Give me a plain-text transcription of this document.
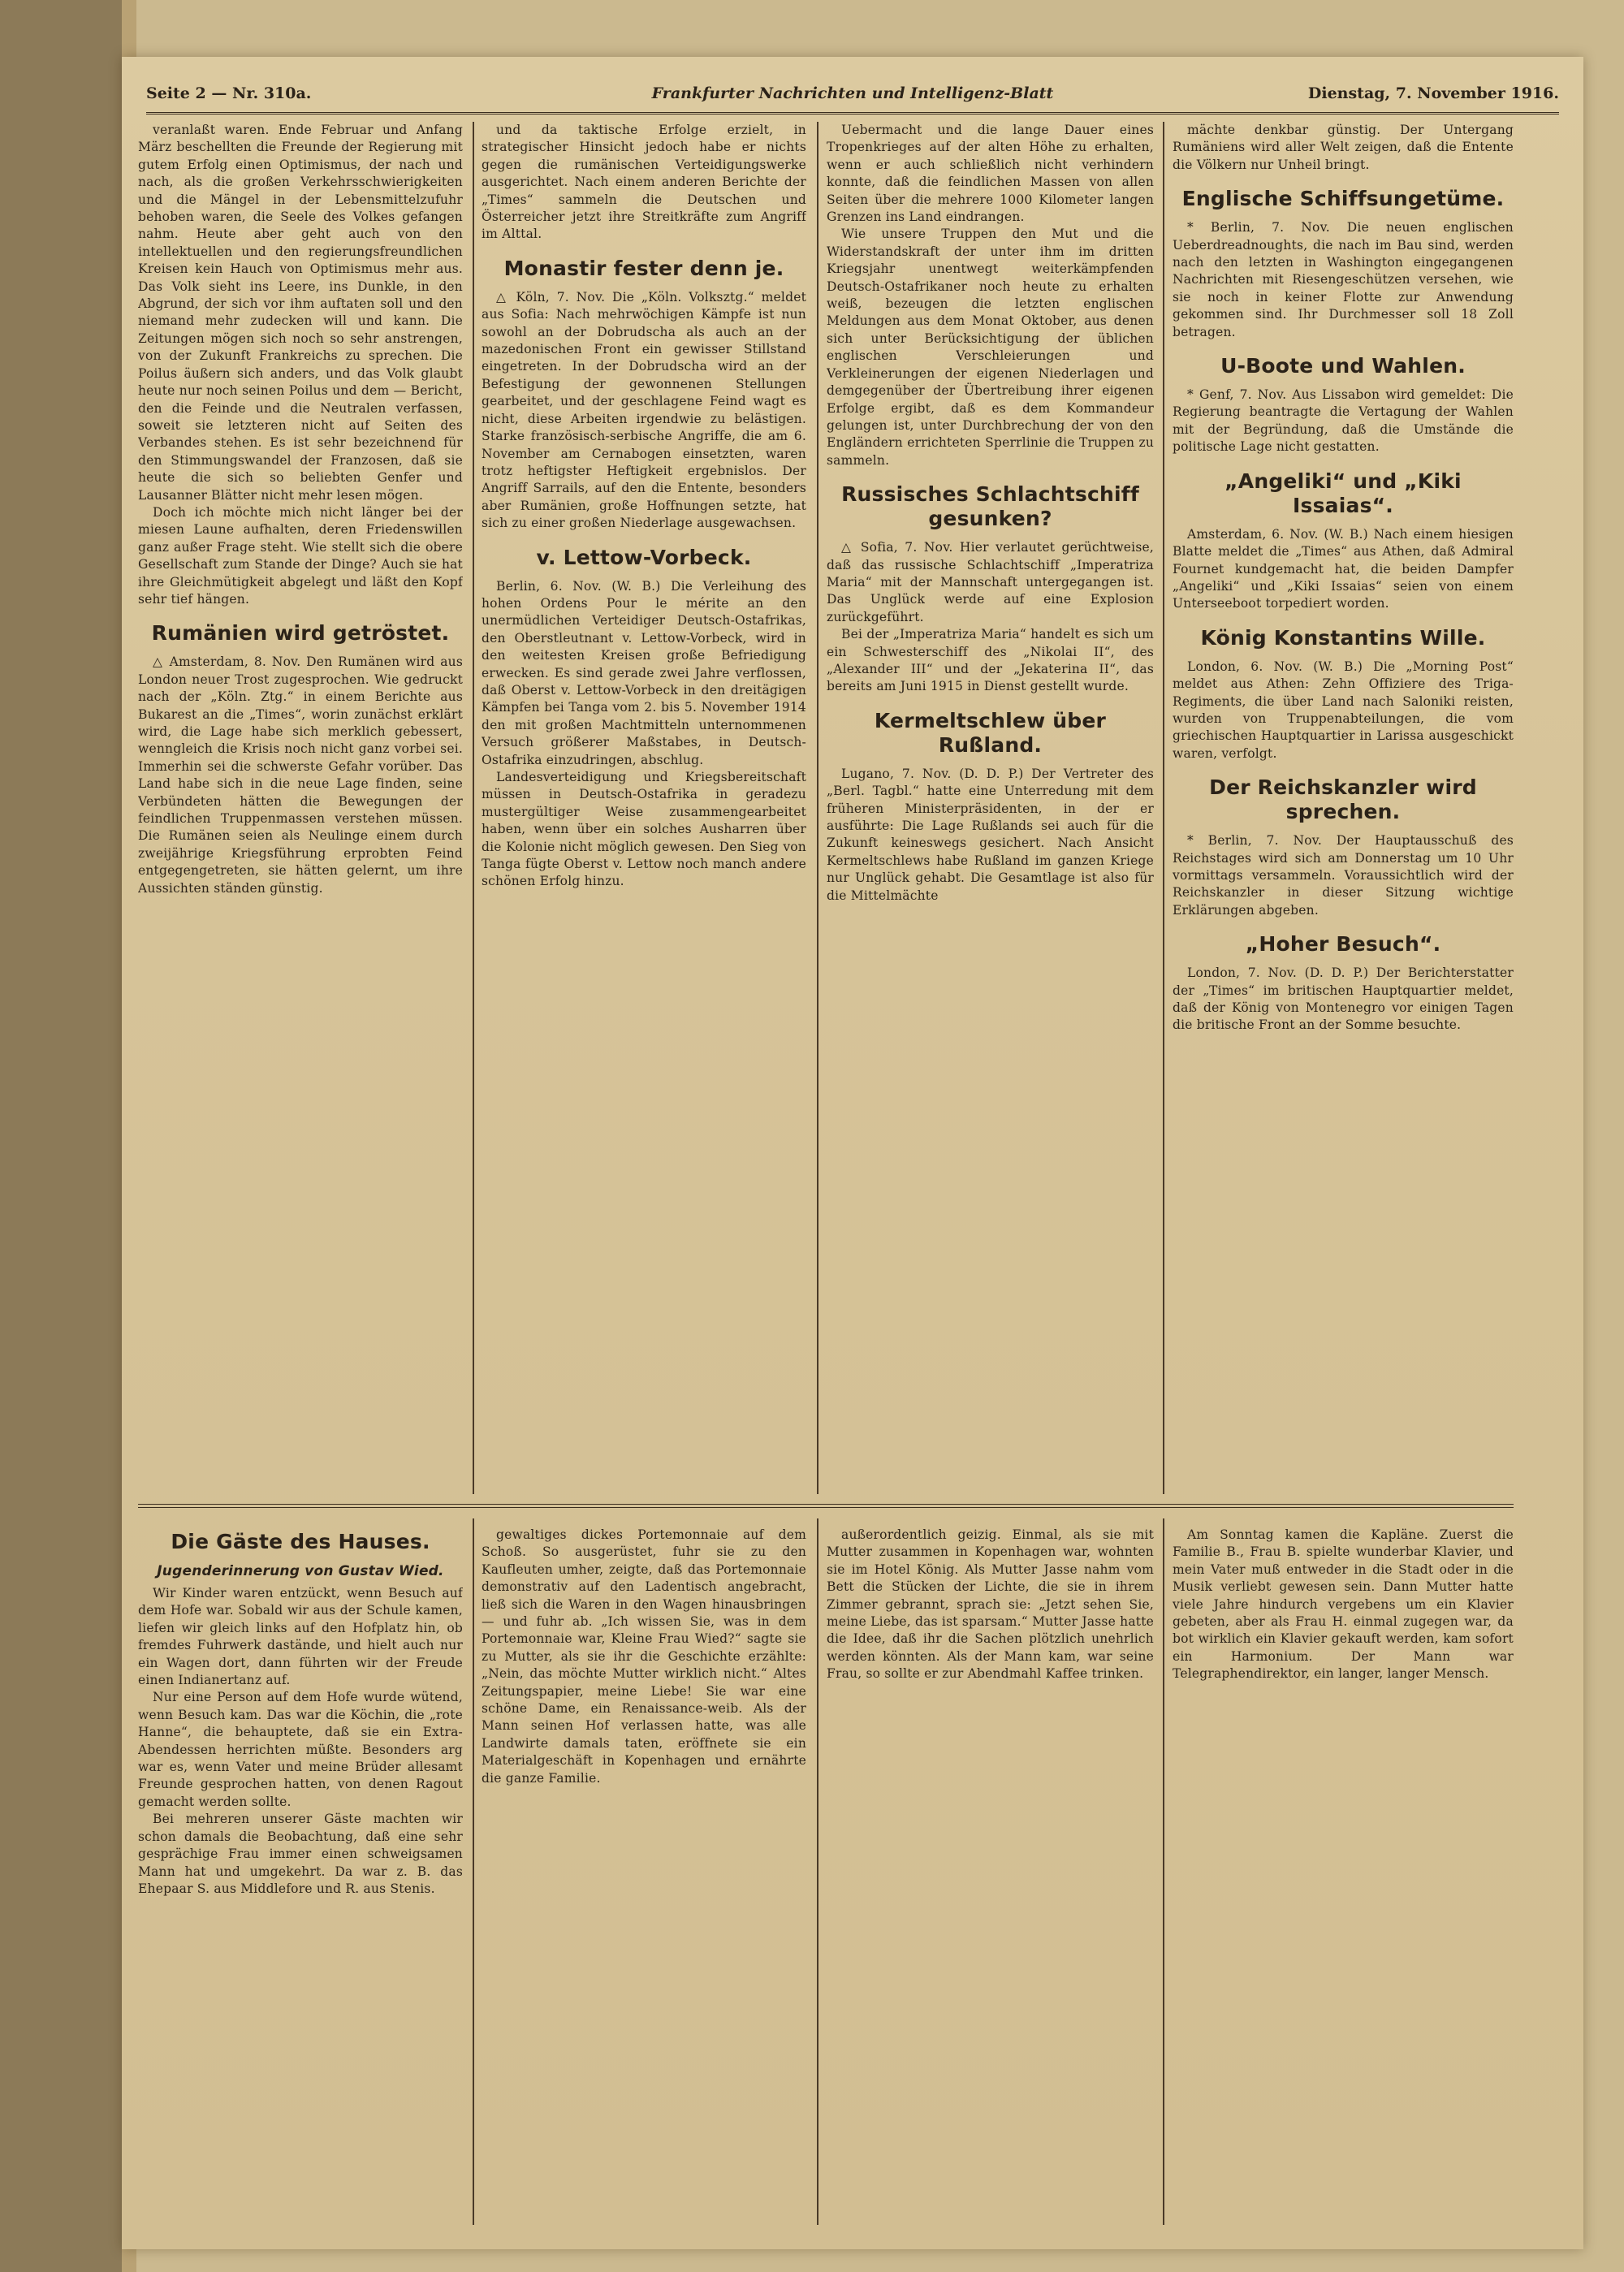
Seite 2 — Nr. 310a.	Frankfurter Nachrichten und Intelligenz-Blatt	Dienstag, 7. November 1916.

veranlaßt waren. Ende Februar und Anfang März beschellten die Freunde der Regierung mit gutem Erfolg einen Optimismus, der nach und nach, als die großen Verkehrsschwierigkeiten und die Mängel in der Lebensmittelzufuhr behoben waren, die Seele des Volkes gefangen nahm. Heute aber geht auch von den intellektuellen und den regierungsfreundlichen Kreisen kein Hauch von Optimismus mehr aus. Das Volk sieht ins Leere, ins Dunkle, in den Abgrund, der sich vor ihm auftaten soll und den niemand mehr zudecken will und kann. Die Zeitungen mögen sich noch so sehr anstrengen, von der Zukunft Frankreichs zu sprechen. Die Poilus äußern sich anders, und das Volk glaubt heute nur noch seinen Poilus und dem — Bericht, den die Feinde und die Neutralen verfassen, soweit sie letzteren nicht auf Seiten des Verbandes stehen. Es ist sehr bezeichnend für den Stimmungswandel der Franzosen, daß sie heute die sich so beliebten Genfer und Lausanner Blätter nicht mehr lesen mögen.

Doch ich möchte mich nicht länger bei der miesen Laune aufhalten, deren Friedenswillen ganz außer Frage steht. Wie stellt sich die obere Gesellschaft zum Stande der Dinge? Auch sie hat ihre Gleichmütigkeit abgelegt und läßt den Kopf sehr tief hängen.

Rumänien wird getröstet.

△ Amsterdam, 8. Nov. Den Rumänen wird aus London neuer Trost zugesprochen. Wie gedruckt nach der „Köln. Ztg.“ in einem Berichte aus Bukarest an die „Times“, worin zunächst erklärt wird, die Lage habe sich merklich gebessert, wenngleich die Krisis noch nicht ganz vorbei sei. Immerhin sei die schwerste Gefahr vorüber. Das Land habe sich in die neue Lage finden, seine Verbündeten hätten die Bewegungen der feindlichen Truppenmassen verstehen müssen. Die Rumänen seien als Neulinge einem durch zweijährige Kriegsführung erprobten Feind entgegengetreten, sie hätten gelernt, um ihre Aussichten ständen günstig.

und da taktische Erfolge erzielt, in strategischer Hinsicht jedoch habe er nichts gegen die rumänischen Verteidigungswerke ausgerichtet. Nach einem anderen Berichte der „Times“ sammeln die Deutschen und Österreicher jetzt ihre Streitkräfte zum Angriff im Alttal.

Monastir fester denn je.

△ Köln, 7. Nov. Die „Köln. Volksztg.“ meldet aus Sofia: Nach mehrwöchigen Kämpfe ist nun sowohl an der Dobrudscha als auch an der mazedonischen Front ein gewisser Stillstand eingetreten. In der Dobrudscha wird an der Befestigung der gewonnenen Stellungen gearbeitet, und der geschlagene Feind wagt es nicht, diese Arbeiten irgendwie zu belästigen. Starke französisch-serbische Angriffe, die am 6. November am Cernabogen einsetzten, waren trotz heftigster Heftigkeit ergebnislos. Der Angriff Sarrails, auf den die Entente, besonders aber Rumänien, große Hoffnungen setzte, hat sich zu einer großen Niederlage ausgewachsen.

v. Lettow-Vorbeck.

Berlin, 6. Nov. (W. B.) Die Verleihung des hohen Ordens Pour le mérite an den unermüdlichen Verteidiger Deutsch-Ostafrikas, den Oberstleutnant v. Lettow-Vorbeck, wird in den weitesten Kreisen große Befriedigung erwecken. Es sind gerade zwei Jahre verflossen, daß Oberst v. Lettow-Vorbeck in den dreitägigen Kämpfen bei Tanga vom 2. bis 5. November 1914 den mit großen Machtmitteln unternommenen Versuch größerer Maßstabes, in Deutsch-Ostafrika einzudringen, abschlug.

Landesverteidigung und Kriegsbereitschaft müssen in Deutsch-Ostafrika in geradezu mustergültiger Weise zusammengearbeitet haben, wenn über ein solches Ausharren über die Kolonie nicht möglich gewesen. Den Sieg von Tanga fügte Oberst v. Lettow noch manch andere schönen Erfolg hinzu.

Uebermacht und die lange Dauer eines Tropenkrieges auf der alten Höhe zu erhalten, wenn er auch schließlich nicht verhindern konnte, daß die feindlichen Massen von allen Seiten über die mehrere 1000 Kilometer langen Grenzen ins Land eindrangen.

Wie unsere Truppen den Mut und die Widerstandskraft der unter ihm im dritten Kriegsjahr unentwegt weiterkämpfenden Deutsch-Ostafrikaner noch heute zu erhalten weiß, bezeugen die letzten englischen Meldungen aus dem Monat Oktober, aus denen sich unter Berücksichtigung der üblichen englischen Verschleierungen und Verkleinerungen der eigenen Niederlagen und demgegenüber der Übertreibung ihrer eigenen Erfolge ergibt, daß es dem Kommandeur gelungen ist, unter Durchbrechung der von den Engländern errichteten Sperrlinie die Truppen zu sammeln.

Russisches Schlachtschiff gesunken?

△ Sofia, 7. Nov. Hier verlautet gerüchtweise, daß das russische Schlachtschiff „Imperatriza Maria“ mit der Mannschaft untergegangen ist. Das Unglück werde auf eine Explosion zurückgeführt.

Bei der „Imperatriza Maria“ handelt es sich um ein Schwesterschiff des „Nikolai II“, des „Alexander III“ und der „Jekaterina II“, das bereits am Juni 1915 in Dienst gestellt wurde.

Kermeltschlew über Rußland.

Lugano, 7. Nov. (D. D. P.) Der Vertreter des „Berl. Tagbl.“ hatte eine Unterredung mit dem früheren Ministerpräsidenten, in der er ausführte: Die Lage Rußlands sei auch für die Zukunft keineswegs gesichert. Nach Ansicht Kermeltschlews habe Rußland im ganzen Kriege nur Unglück gehabt. Die Gesamtlage ist also für die Mittelmächte

mächte denkbar günstig. Der Untergang Rumäniens wird aller Welt zeigen, daß die Entente die Völkern nur Unheil bringt.

Englische Schiffsungetüme.

* Berlin, 7. Nov. Die neuen englischen Ueberdreadnoughts, die nach im Bau sind, werden nach den letzten in Washington eingegangenen Nachrichten mit Riesengeschützen versehen, wie sie noch in keiner Flotte zur Anwendung gekommen sind. Ihr Durchmesser soll 18 Zoll betragen.

U-Boote und Wahlen.

* Genf, 7. Nov. Aus Lissabon wird gemeldet: Die Regierung beantragte die Vertagung der Wahlen mit der Begründung, daß die Umstände die politische Lage nicht gestatten.

„Angeliki“ und „Kiki Issaias“.

Amsterdam, 6. Nov. (W. B.) Nach einem hiesigen Blatte meldet die „Times“ aus Athen, daß Admiral Fournet kundgemacht hat, die beiden Dampfer „Angeliki“ und „Kiki Issaias“ seien von einem Unterseeboot torpediert worden.

König Konstantins Wille.

London, 6. Nov. (W. B.) Die „Morning Post“ meldet aus Athen: Zehn Offiziere des Triga-Regiments, die über Land nach Saloniki reisten, wurden von Truppenabteilungen, die vom griechischen Hauptquartier in Larissa ausgeschickt waren, verfolgt.

Der Reichskanzler wird sprechen.

* Berlin, 7. Nov. Der Hauptausschuß des Reichstages wird sich am Donnerstag um 10 Uhr vormittags versammeln. Voraussichtlich wird der Reichskanzler in dieser Sitzung wichtige Erklärungen abgeben.

„Hoher Besuch“.

London, 7. Nov. (D. D. P.) Der Berichterstatter der „Times“ im britischen Hauptquartier meldet, daß der König von Montenegro vor einigen Tagen die britische Front an der Somme besuchte.

Die Gäste des Hauses.
Jugenderinnerung von Gustav Wied.

Wir Kinder waren entzückt, wenn Besuch auf dem Hofe war. Sobald wir aus der Schule kamen, liefen wir gleich links auf den Hofplatz hin, ob fremdes Fuhrwerk dastände, und hielt auch nur ein Wagen dort, dann führten wir der Freude einen Indianertanz auf.

Nur eine Person auf dem Hofe wurde wütend, wenn Besuch kam. Das war die Köchin, die „rote Hanne“, die behauptete, daß sie ein Extra-Abendessen herrichten müßte. Besonders arg war es, wenn Vater und meine Brüder allesamt Freunde gesprochen hatten, von denen Ragout gemacht werden sollte.

Bei mehreren unserer Gäste machten wir schon damals die Beobachtung, daß eine sehr gesprächige Frau immer einen schweigsamen Mann hat und umgekehrt. Da war z. B. das Ehepaar S. aus Middlefore und R. aus Stenis.

gewaltiges dickes Portemonnaie auf dem Schoß. So ausgerüstet, fuhr sie zu den Kaufleuten umher, zeigte, daß das Portemonnaie demonstrativ auf den Ladentisch angebracht, ließ sich die Waren in den Wagen hinausbringen — und fuhr ab. „Ich wissen Sie, was in dem Portemonnaie war, Kleine Frau Wied?“ sagte sie zu Mutter, als sie ihr die Geschichte erzählte: „Nein, das möchte Mutter wirklich nicht.“ Altes Zeitungspapier, meine Liebe! Sie war eine schöne Dame, ein Renaissance-weib. Als der Mann seinen Hof verlassen hatte, was alle Landwirte damals taten, eröffnete sie ein Materialgeschäft in Kopenhagen und ernährte die ganze Familie.

außerordentlich geizig. Einmal, als sie mit Mutter zusammen in Kopenhagen war, wohnten sie im Hotel König. Als Mutter Jasse nahm vom Bett die Stücken der Lichte, die sie in ihrem Zimmer gebrannt, sprach sie: „Jetzt sehen Sie, meine Liebe, das ist sparsam.“ Mutter Jasse hatte die Idee, daß ihr die Sachen plötzlich unehrlich werden könnten. Als der Mann kam, war seine Frau, so sollte er zur Abendmahl Kaffee trinken.

Am Sonntag kamen die Kapläne. Zuerst die Familie B., Frau B. spielte wunderbar Klavier, und mein Vater muß entweder in die Stadt oder in die Musik verliebt gewesen sein. Dann Mutter hatte viele Jahre hindurch vergebens um ein Klavier gebeten, aber als Frau H. einmal zugegen war, da bot wirklich ein Klavier gekauft werden, kam sofort ein Harmonium. Der Mann war Telegraphendirektor, ein langer, langer Mensch.
